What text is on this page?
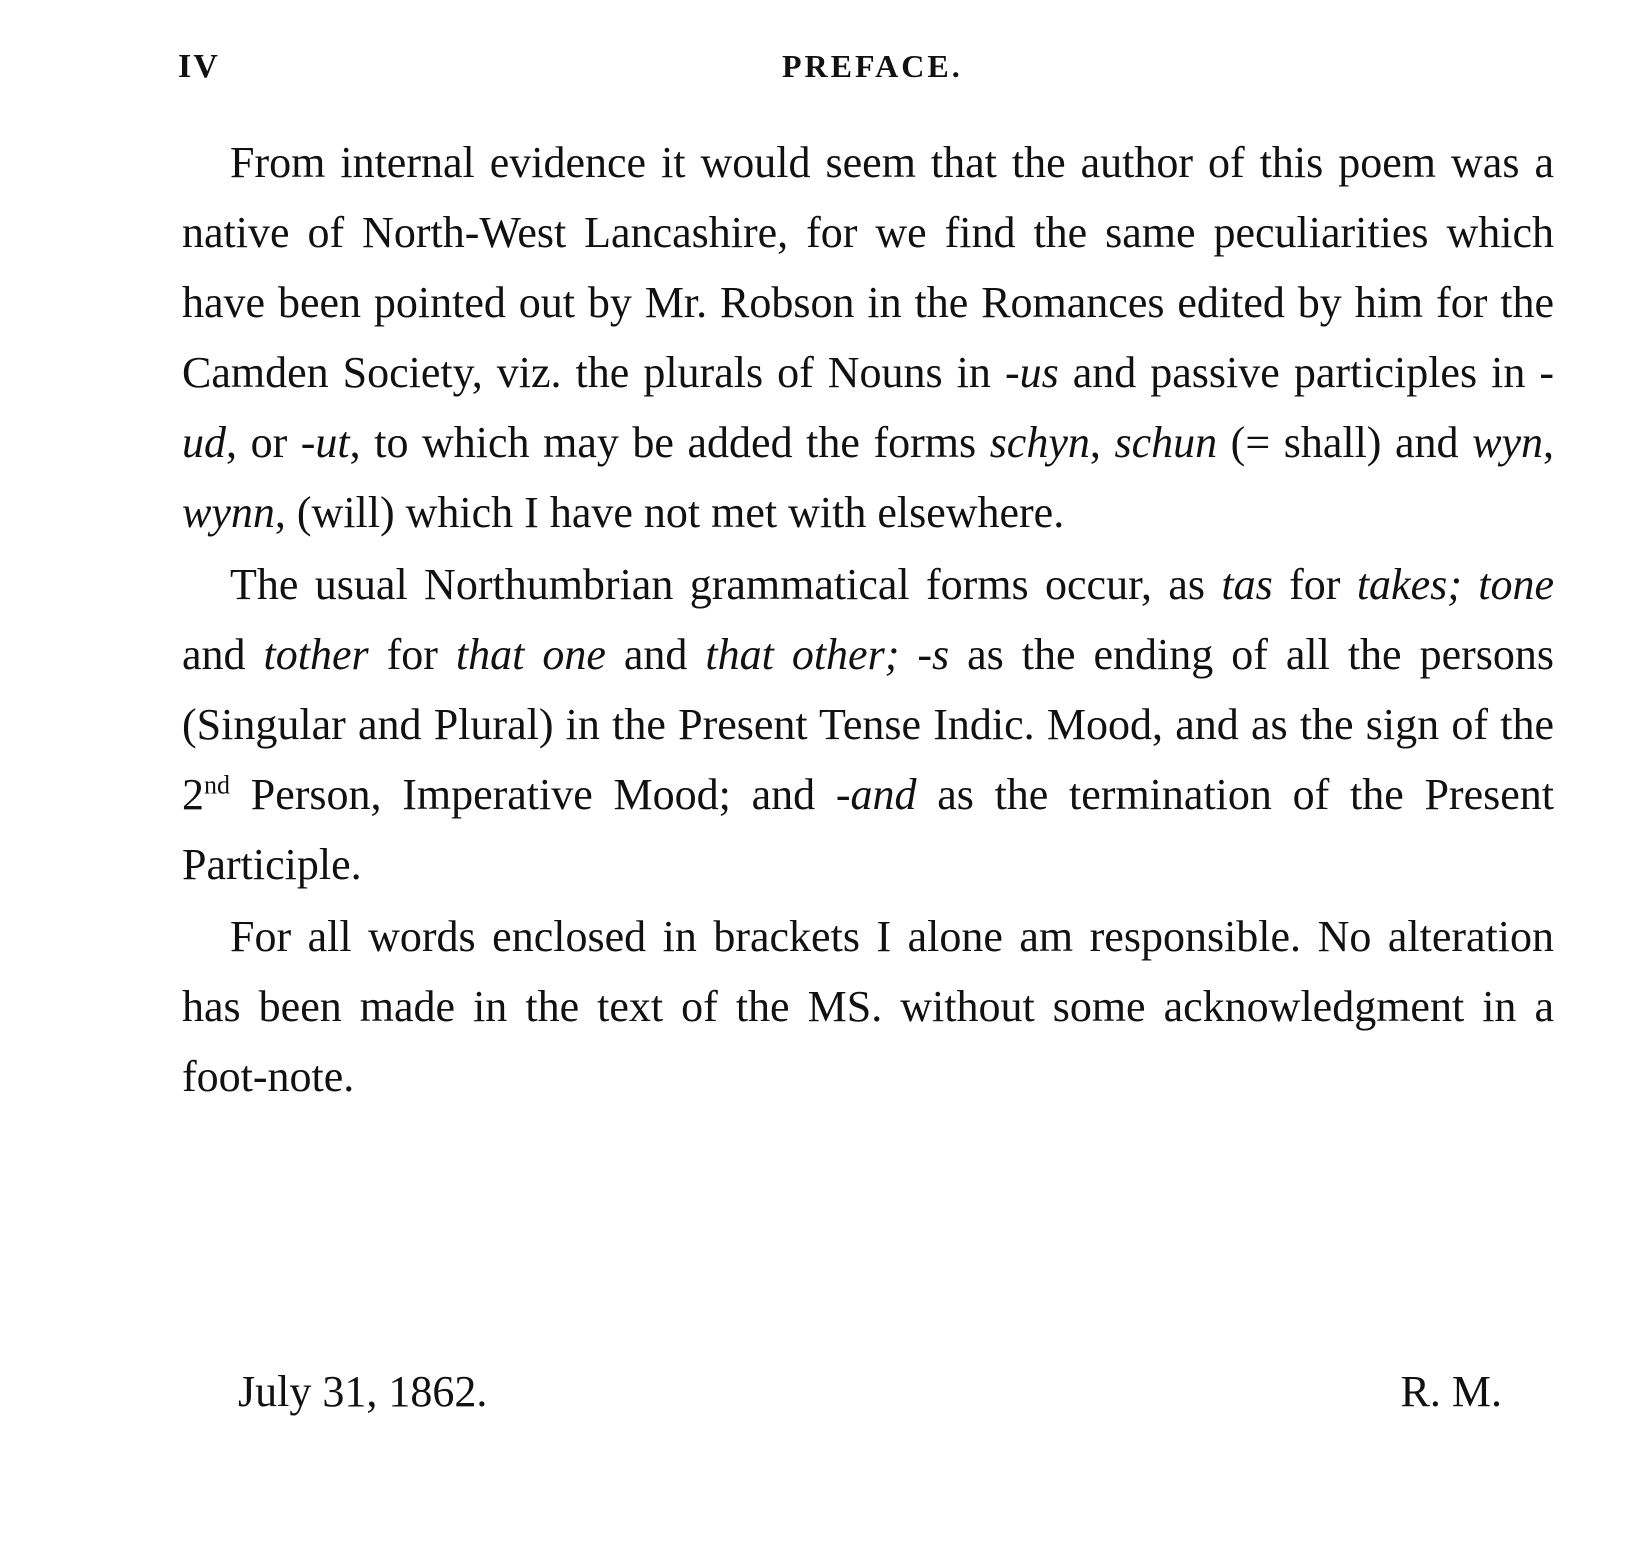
IV	PREFACE.

From internal evidence it would seem that the author of this poem was a native of North-West Lancashire, for we find the same peculiarities which have been pointed out by Mr. Robson in the Romances edited by him for the Camden Society, viz. the plurals of Nouns in -us and passive participles in -ud, or -ut, to which may be added the forms schyn, schun (= shall) and wyn, wynn, (will) which I have not met with elsewhere.

The usual Northumbrian grammatical forms occur, as tas for takes; tone and tother for that one and that other; -s as the ending of all the persons (Singular and Plural) in the Present Tense Indic. Mood, and as the sign of the 2nd Person, Imperative Mood; and -and as the termination of the Present Participle.

For all words enclosed in brackets I alone am responsible. No alteration has been made in the text of the MS. without some acknowledgment in a foot-note.

July 31, 1862.	R. M.
